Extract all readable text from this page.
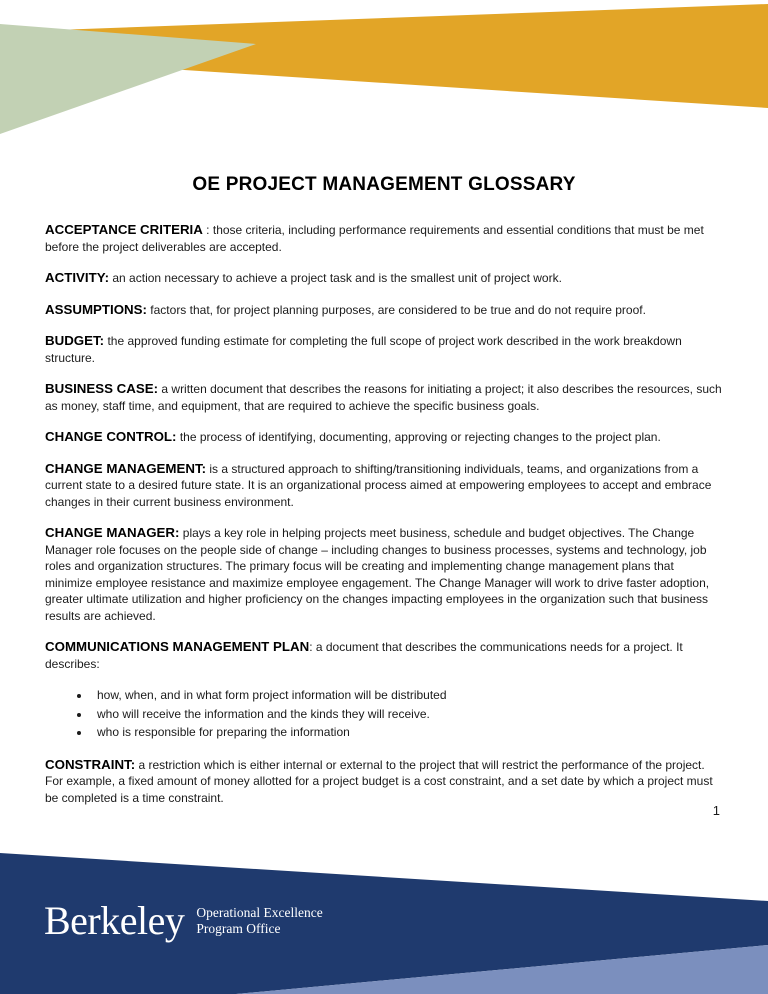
OE PROJECT MANAGEMENT GLOSSARY

ACCEPTANCE CRITERIA : those criteria, including performance requirements and essential conditions that must be met before the project deliverables are accepted.

ACTIVITY: an action necessary to achieve a project task and is the smallest unit of project work.

ASSUMPTIONS: factors that, for project planning purposes, are considered to be true and do not require proof.

BUDGET: the approved funding estimate for completing the full scope of project work described in the work breakdown structure.

BUSINESS CASE: a written document that describes the reasons for initiating a project; it also describes the resources, such as money, staff time, and equipment, that are required to achieve the specific business goals.

CHANGE CONTROL: the process of identifying, documenting, approving or rejecting changes to the project plan.

CHANGE MANAGEMENT: is a structured approach to shifting/transitioning individuals, teams, and organizations from a current state to a desired future state. It is an organizational process aimed at empowering employees to accept and embrace changes in their current business environment.

CHANGE MANAGER: plays a key role in helping projects meet business, schedule and budget objectives. The Change Manager role focuses on the people side of change – including changes to business processes, systems and technology, job roles and organization structures. The primary focus will be creating and implementing change management plans that minimize employee resistance and maximize employee engagement. The Change Manager will work to drive faster adoption, greater ultimate utilization and higher proficiency on the changes impacting employees in the organization such that business results are achieved.

COMMUNICATIONS MANAGEMENT PLAN: a document that describes the communications needs for a project. It describes:

• how, when, and in what form project information will be distributed
• who will receive the information and the kinds they will receive.
• who is responsible for preparing the information

CONSTRAINT: a restriction which is either internal or external to the project that will restrict the performance of the project. For example, a fixed amount of money allotted for a project budget is a cost constraint, and a set date by which a project must be completed is a time constraint.

1
Berkeley Operational Excellence
Program Office
